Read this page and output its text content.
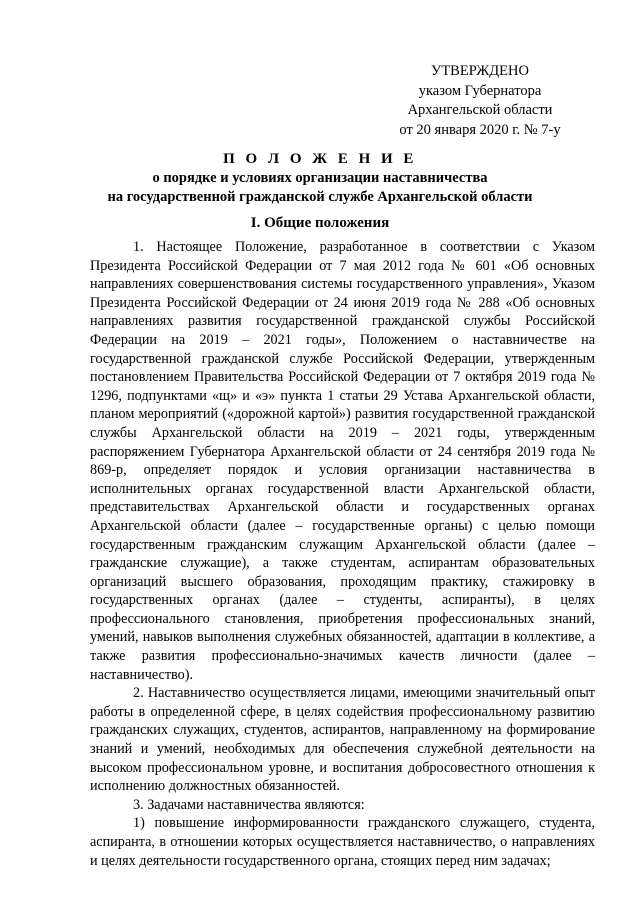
УТВЕРЖДЕНО
указом Губернатора
Архангельской области
от 20 января 2020 г. № 7-у
П О Л О Ж Е Н И Е
о порядке и условиях организации наставничества
на государственной гражданской службе Архангельской области
I. Общие положения

1. Настоящее Положение, разработанное в соответствии с Указом Президента Российской Федерации от 7 мая 2012 года № 601 «Об основных направлениях совершенствования системы государственного управления», Указом Президента Российской Федерации от 24 июня 2019 года № 288 «Об основных направлениях развития государственной гражданской службы Российской Федерации на 2019 – 2021 годы», Положением о наставничестве на государственной гражданской службе Российской Федерации, утвержденным постановлением Правительства Российской Федерации от 7 октября 2019 года № 1296, подпунктами «щ» и «э» пункта 1 статьи 29 Устава Архангельской области, планом мероприятий («дорожной картой») развития государственной гражданской службы Архангельской области на 2019 – 2021 годы, утвержденным распоряжением Губернатора Архангельской области от 24 сентября 2019 года № 869-р, определяет порядок и условия организации наставничества в исполнительных органах государственной власти Архангельской области, представительствах Архангельской области и государственных органах Архангельской области (далее – государственные органы) с целью помощи государственным гражданским служащим Архангельской области (далее – гражданские служащие), а также студентам, аспирантам образовательных организаций высшего образования, проходящим практику, стажировку в государственных органах (далее – студенты, аспиранты), в целях профессионального становления, приобретения профессиональных знаний, умений, навыков выполнения служебных обязанностей, адаптации в коллективе, а также развития профессионально-значимых качеств личности (далее – наставничество).

2. Наставничество осуществляется лицами, имеющими значительный опыт работы в определенной сфере, в целях содействия профессиональному развитию гражданских служащих, студентов, аспирантов, направленному на формирование знаний и умений, необходимых для обеспечения служебной деятельности на высоком профессиональном уровне, и воспитания добросовестного отношения к исполнению должностных обязанностей.

3. Задачами наставничества являются:

1) повышение информированности гражданского служащего, студента, аспиранта, в отношении которых осуществляется наставничество, о направлениях и целях деятельности государственного органа, стоящих перед ним задачах;
